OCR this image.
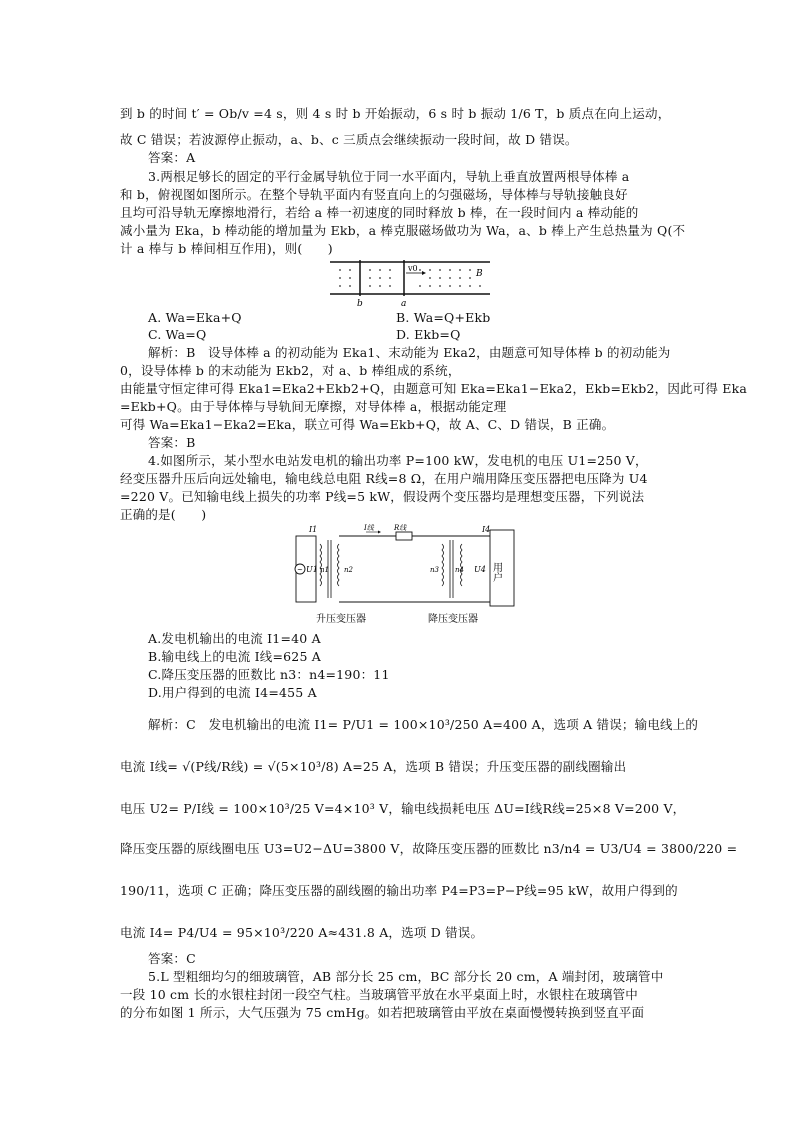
到 b 的时间 t′ = Ob/v =4 s，则 4 s 时 b 开始振动，6 s 时 b 振动 1/6 T，b 质点在向上运动，
故 C 错误；若波源停止振动，a、b、c 三质点会继续振动一段时间，故 D 错误。
答案：A
3.两根足够长的固定的平行金属导轨位于同一水平面内，导轨上垂直放置两根导体棒 a
和 b，俯视图如图所示。在整个导轨平面内有竖直向上的匀强磁场，导体棒与导轨接触良好
且均可沿导轨无摩擦地滑行，若给 a 棒一初速度的同时释放 b 棒，在一段时间内 a 棒动能的
减小量为 Eka，b 棒动能的增加量为 Ekb，a 棒克服磁场做功为 Wa，a、b 棒上产生总热量为 Q(不
计 a 棒与 b 棒间相互作用)，则(　　)
v0
B
b	a
A. Wa=Eka+Q	B. Wa=Q+Ekb
C. Wa=Q	D. Ekb=Q
解析：B　设导体棒 a 的初动能为 Eka1、末动能为 Eka2，由题意可知导体棒 b 的初动能为
0，设导体棒 b 的末动能为 Ekb2，对 a、b 棒组成的系统，
由能量守恒定律可得 Eka1=Eka2+Ekb2+Q，由题意可知 Eka=Eka1−Eka2，Ekb=Ekb2，因此可得 Eka
=Ekb+Q。由于导体棒与导轨间无摩擦，对导体棒 a，根据动能定理
可得 Wa=Eka1−Eka2=Eka，联立可得 Wa=Ekb+Q，故 A、C、D 错误，B 正确。
答案：B
4.如图所示，某小型水电站发电机的输出功率 P=100 kW，发电机的电压 U1=250 V，
经变压器升压后向远处输电，输电线总电阻 R线=8 Ω，在用户端用降压变压器把电压降为 U4
=220 V。已知输电线上损失的功率 P线=5 kW，假设两个变压器均是理想变压器，下列说法
正确的是(　　)
~
I1
U1 n1 n2
I线	R线
n3 n4 U4
I4
用户
升压变压器	降压变压器
A.发电机输出的电流 I1=40 A
B.输电线上的电流 I线=625 A
C.降压变压器的匝数比 n3：n4=190：11
D.用户得到的电流 I4=455 A
解析：C　发电机输出的电流 I1= P/U1 = 100×10³/250 A=400 A，选项 A 错误；输电线上的
电流 I线= √(P线/R线) = √(5×10³/8) A=25 A，选项 B 错误；升压变压器的副线圈输出
电压 U2= P/I线 = 100×10³/25 V=4×10³ V，输电线损耗电压 ΔU=I线R线=25×8 V=200 V，
降压变压器的原线圈电压 U3=U2−ΔU=3800 V，故降压变压器的匝数比 n3/n4 = U3/U4 = 3800/220 =
190/11，选项 C 正确；降压变压器的副线圈的输出功率 P4=P3=P−P线=95 kW，故用户得到的
电流 I4= P4/U4 = 95×10³/220 A≈431.8 A，选项 D 错误。
答案：C
5.L 型粗细均匀的细玻璃管，AB 部分长 25 cm，BC 部分长 20 cm，A 端封闭，玻璃管中
一段 10 cm 长的水银柱封闭一段空气柱。当玻璃管平放在水平桌面上时，水银柱在玻璃管中
的分布如图 1 所示，大气压强为 75 cmHg。如若把玻璃管由平放在桌面慢慢转换到竖直平面
